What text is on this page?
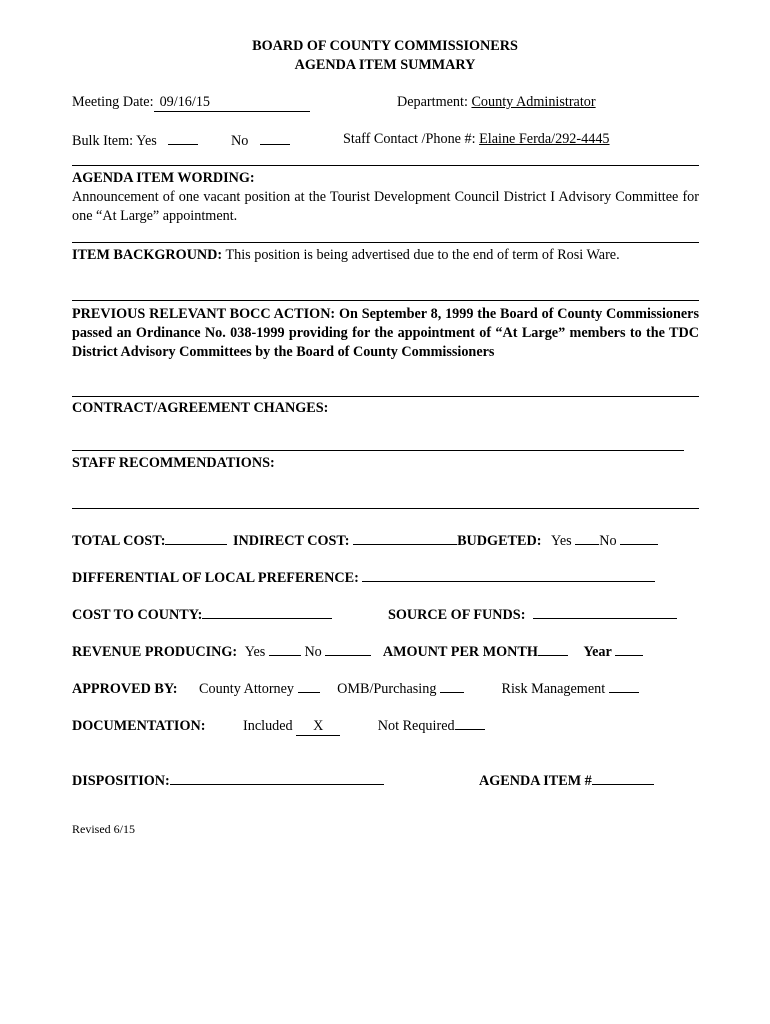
BOARD OF COUNTY COMMISSIONERS
AGENDA ITEM SUMMARY
Meeting Date: 09/16/15	Department: County Administrator
Bulk Item: Yes	No	Staff Contact /Phone #: Elaine Ferda/292-4445
AGENDA ITEM WORDING:
Announcement of one vacant position at the Tourist Development Council District I Advisory Committee for one “At Large” appointment.
ITEM BACKGROUND: This position is being advertised due to the end of term of Rosi Ware.
PREVIOUS RELEVANT BOCC ACTION: On September 8, 1999 the Board of County Commissioners passed an Ordinance No. 038-1999 providing for the appointment of “At Large” members to the TDC District Advisory Committees by the Board of County Commissioners
CONTRACT/AGREEMENT CHANGES:
STAFF RECOMMENDATIONS:
TOTAL COST:	INDIRECT COST:	BUDGETED: Yes No
DIFFERENTIAL OF LOCAL PREFERENCE:
COST TO COUNTY:	SOURCE OF FUNDS:
REVENUE PRODUCING: Yes	No	AMOUNT PER MONTH	Year
APPROVED BY: County Attorney	OMB/Purchasing	Risk Management
DOCUMENTATION:	Included X	Not Required
DISPOSITION:	AGENDA ITEM #
Revised 6/15
